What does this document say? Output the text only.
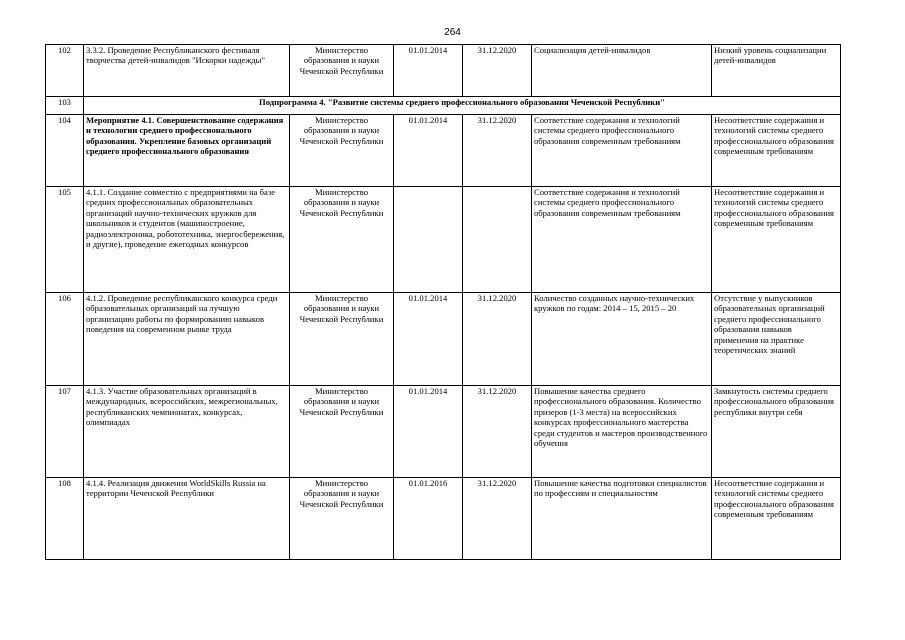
264
102	3.3.2. Проведение Республиканского фестиваля творчества детей-инвалидов "Искорки надежды"	Министерство образования и науки Чеченской Республики	01.01.2014	31.12.2020	Социализация детей-инвалидов	Низкий уровень социализации детей-инвалидов
103	Подпрограмма 4. "Развитие системы среднего профессионального образования Чеченской Республики"					
104	Мероприятие 4.1. Совершенствование содержания и технологии среднего профессионального образования. Укрепление базовых организаций среднего профессионального образования	Министерство образования и науки Чеченской Республики	01.01.2014	31.12.2020	Соответствие содержания и технологий системы среднего профессионального образования современным требованиям	Несоответствие содержания и технологий системы среднего профессионального образования современным требованиям
105	4.1.1. Создание совместно с предприятиями на базе средних профессиональных образовательных организаций научно-технических кружков для школьников и студентов (машиностроение, радиоэлектроника, робототехника, энергосбережения, и другие), проведение ежегодных конкурсов	Министерство образования и науки Чеченской Республики			Соответствие содержания и технологий системы среднего профессионального образования современным требованиям	Несоответствие содержания и технологий системы среднего профессионального образования современным требованиям
106	4.1.2. Проведение республиканского конкурса среди образовательных организаций на лучшую организацию работы по формированию навыков поведения на современном рынке труда	Министерство образования и науки Чеченской Республики	01.01.2014	31.12.2020	Количество созданных научно-технических кружков по годам: 2014 – 15, 2015 – 20	Отсутствие у выпускников образовательных организаций среднего профессионального образования навыков применения на практике теоретических знаний
107	4.1.3. Участие образовательных организаций в международных, всероссийских, межрегиональных, республиканских чемпионатах, конкурсах, олимпиадах	Министерство образования и науки Чеченской Республики	01.01.2014	31.12.2020	Повышение качества среднего профессионального образования. Количество призеров (1-3 места) на всероссийских конкурсах профессионального мастерства среди студентов и мастеров производственного обучения	Замкнутость системы среднего профессионального образования республики внутри себя
108	4.1.4. Реализация движения WorldSkills Russia на территории Чеченской Республики	Министерство образования и науки Чеченской Республики	01.01.2016	31.12.2020	Повышение качества подготовки специалистов по профессиям и специальностям	Несоответствие содержания и технологий системы среднего профессионального образования современным требованиям
